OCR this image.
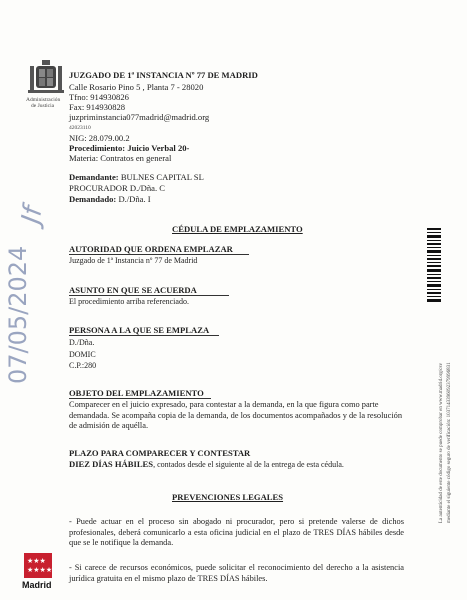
Administración
de Justicia
JUZGADO DE 1ª INSTANCIA Nº 77 DE MADRID
Calle Rosario Pino 5 , Planta 7 - 28020
Tfno: 914930826
Fax: 914930828
juzpriminstancia077madrid@madrid.org
42023110
NIG: 28.079.00.2
Procedimiento: Juicio Verbal 20-
Materia: Contratos en general
Demandante: BULNES CAPITAL SL
PROCURADOR D./Dña. C
Demandado: D./Dña. I
CÉDULA DE EMPLAZAMIENTO
AUTORIDAD QUE ORDENA EMPLAZAR
Juzgado de 1ª Instancia nº 77 de Madrid
ASUNTO EN QUE SE ACUERDA
El procedimiento arriba referenciado.
PERSONA A LA QUE SE EMPLAZA
D./Dña.
DOMIC
C.P.:280
OBJETO DEL EMPLAZAMIENTO
Comparecer en el juicio expresado, para contestar a la demanda, en la que figura como parte demandada. Se acompaña copia de la demanda, de los documentos acompañados y de la resolución de admisión de aquélla.
PLAZO PARA COMPARECER Y CONTESTAR
DIEZ DÍAS HÁBILES, contados desde el siguiente al de la entrega de esta cédula.
PREVENCIONES LEGALES
- Puede actuar en el proceso sin abogado ni procurador, pero si pretende valerse de dichos profesionales, deberá comunicarlo a esta oficina judicial en el plazo de TRES DÍAS hábiles desde que se le notifique la demanda.
- Si carece de recursos económicos, puede solicitar el reconocimiento del derecho a la asistencia jurídica gratuita en el mismo plazo de TRES DÍAS hábiles.
07/05/2024
Jf
La autenticidad de este documento se puede comprobar en www.madrid.org/csv mediante el siguiente código seguro de verificación: 1037143396092379996831
★★★
★★★★
Madrid
